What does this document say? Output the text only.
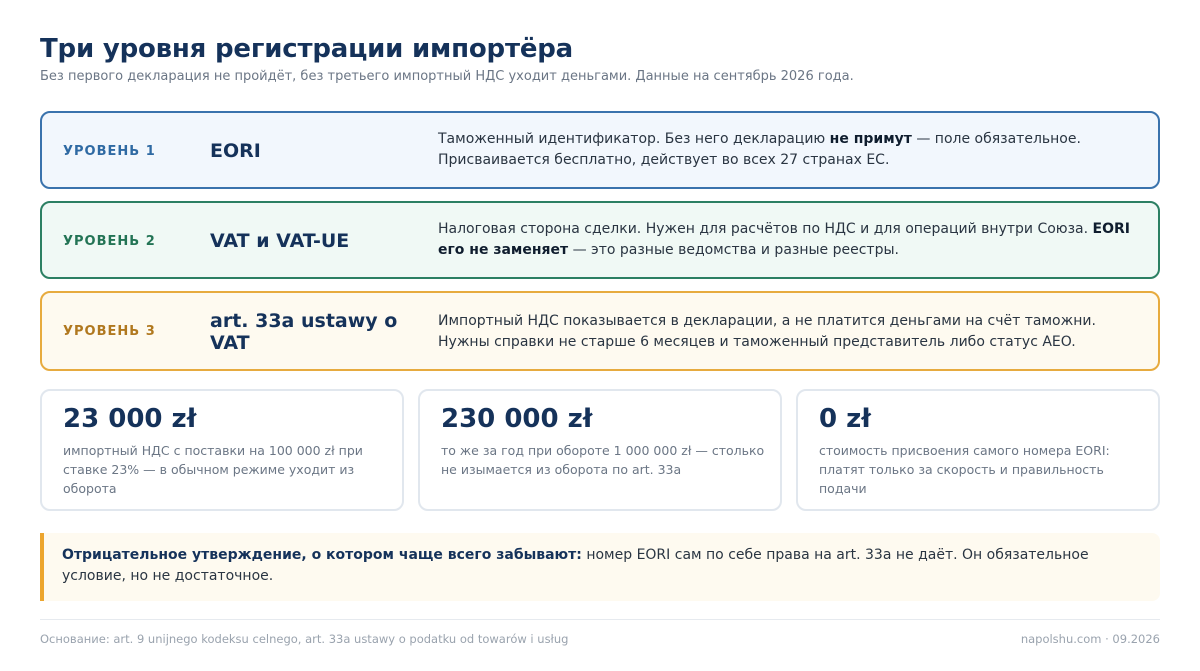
Три уровня регистрации импортёра

Без первого декларация не пройдёт, без третьего импортный НДС уходит деньгами. Данные на сентябрь 2026 года.

УРОВЕНЬ 1	EORI

Таможенный идентификатор. Без него декларацию не примут — поле обязательное. Присваивается бесплатно, действует во всех 27 странах ЕС.

УРОВЕНЬ 2	VAT и VAT-UE

Налоговая сторона сделки. Нужен для расчётов по НДС и для операций внутри Союза. EORI его не заменяет — это разные ведомства и разные реестры.

УРОВЕНЬ 3	art. 33a ustawy o VAT

Импортный НДС показывается в декларации, а не платится деньгами на счёт таможни. Нужны справки не старше 6 месяцев и таможенный представитель либо статус AEO.

23 000 zł
импортный НДС с поставки на 100 000 zł при ставке 23% — в обычном режиме уходит из оборота
230 000 zł
то же за год при обороте 1 000 000 zł — столько не изымается из оборота по art. 33a
0 zł
стоимость присвоения самого номера EORI: платят только за скорость и правильность подачи

Отрицательное утверждение, о котором чаще всего забывают: номер EORI сам по себе права на art. 33a не даёт. Он обязательное условие, но не достаточное.

Основание: art. 9 unijnego kodeksu celnego, art. 33a ustawy o podatku od towarów i usług	napolshu.com · 09.2026
